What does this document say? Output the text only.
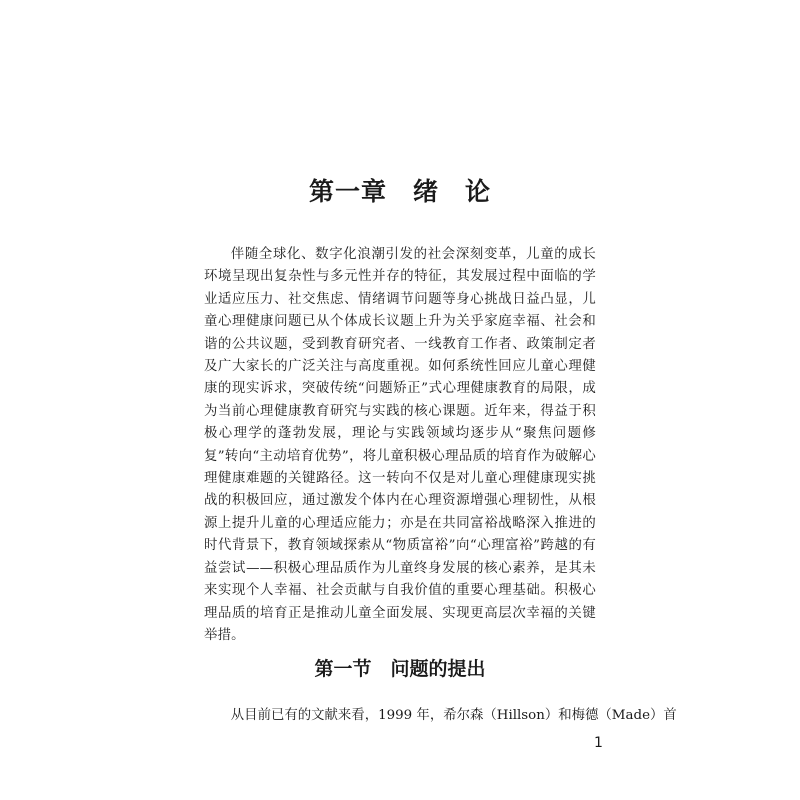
第一章　绪　论

伴随全球化、数字化浪潮引发的社会深刻变革，儿童的成长环境呈现出复杂性与多元性并存的特征，其发展过程中面临的学业适应压力、社交焦虑、情绪调节问题等身心挑战日益凸显，儿童心理健康问题已从个体成长议题上升为关乎家庭幸福、社会和谐的公共议题，受到教育研究者、一线教育工作者、政策制定者及广大家长的广泛关注与高度重视。如何系统性回应儿童心理健康的现实诉求，突破传统“问题矫正”式心理健康教育的局限，成为当前心理健康教育研究与实践的核心课题。近年来，得益于积极心理学的蓬勃发展，理论与实践领域均逐步从“聚焦问题修复”转向“主动培育优势”，将儿童积极心理品质的培育作为破解心理健康难题的关键路径。这一转向不仅是对儿童心理健康现实挑战的积极回应，通过激发个体内在心理资源增强心理韧性，从根源上提升儿童的心理适应能力；亦是在共同富裕战略深入推进的时代背景下，教育领域探索从“物质富裕”向“心理富裕”跨越的有益尝试——积极心理品质作为儿童终身发展的核心素养，是其未来实现个人幸福、社会贡献与自我价值的重要心理基础。积极心理品质的培育正是推动儿童全面发展、实现更高层次幸福的关键举措。

第一节　问题的提出

从目前已有的文献来看，1999 年，希尔森（Hillson）和梅德（Made）首

1
